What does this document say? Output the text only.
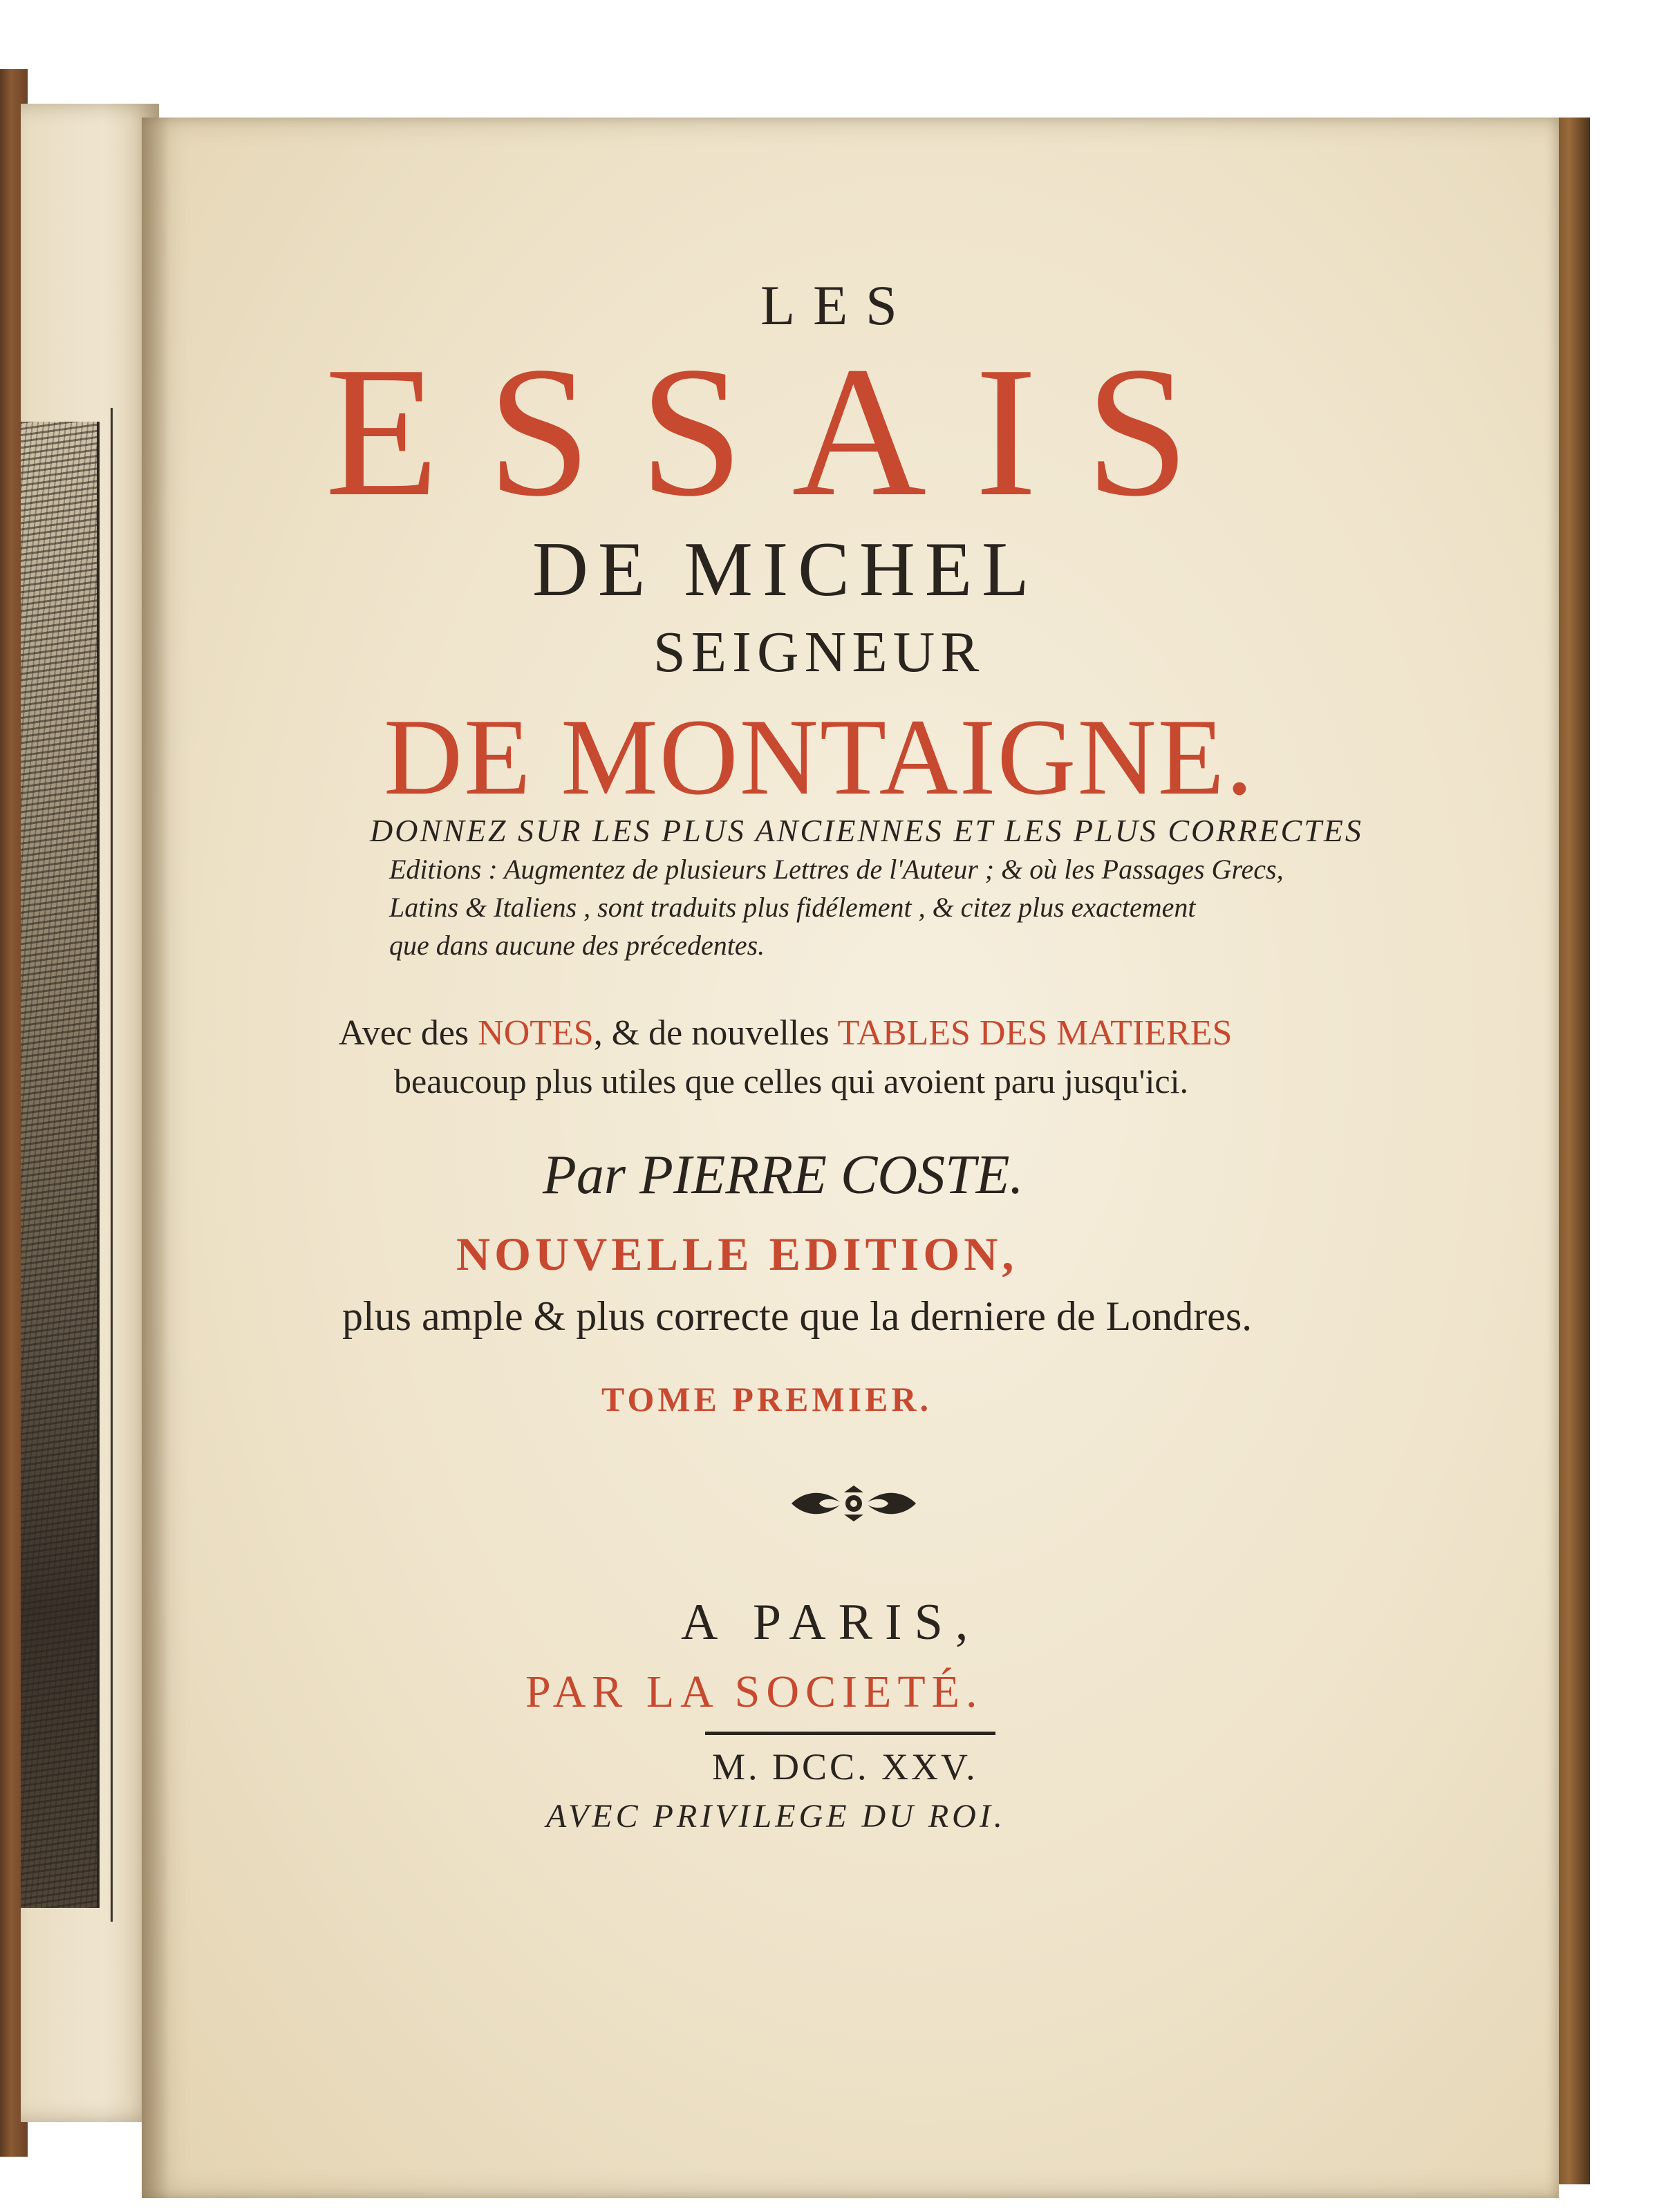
LES
ESSAIS
DE MICHEL
SEIGNEUR
DE MONTAIGNE.
DONNEZ SUR LES PLUS ANCIENNES ET LES PLUS CORRECTES
Editions : Augmentez de plusieurs Lettres de l'Auteur ; & où les Passages Grecs,
Latins & Italiens , sont traduits plus fidélement , & citez plus exactement
que dans aucune des précedentes.
Avec des NOTES, & de nouvelles TABLES DES MATIERES
beaucoup plus utiles que celles qui avoient paru jusqu'ici.
Par PIERRE COSTE.
NOUVELLE EDITION,
plus ample & plus correcte que la derniere de Londres.
TOME PREMIER.
A PARIS,
PAR LA SOCIETÉ.
M. DCC. XXV.
AVEC PRIVILEGE DU ROI.
